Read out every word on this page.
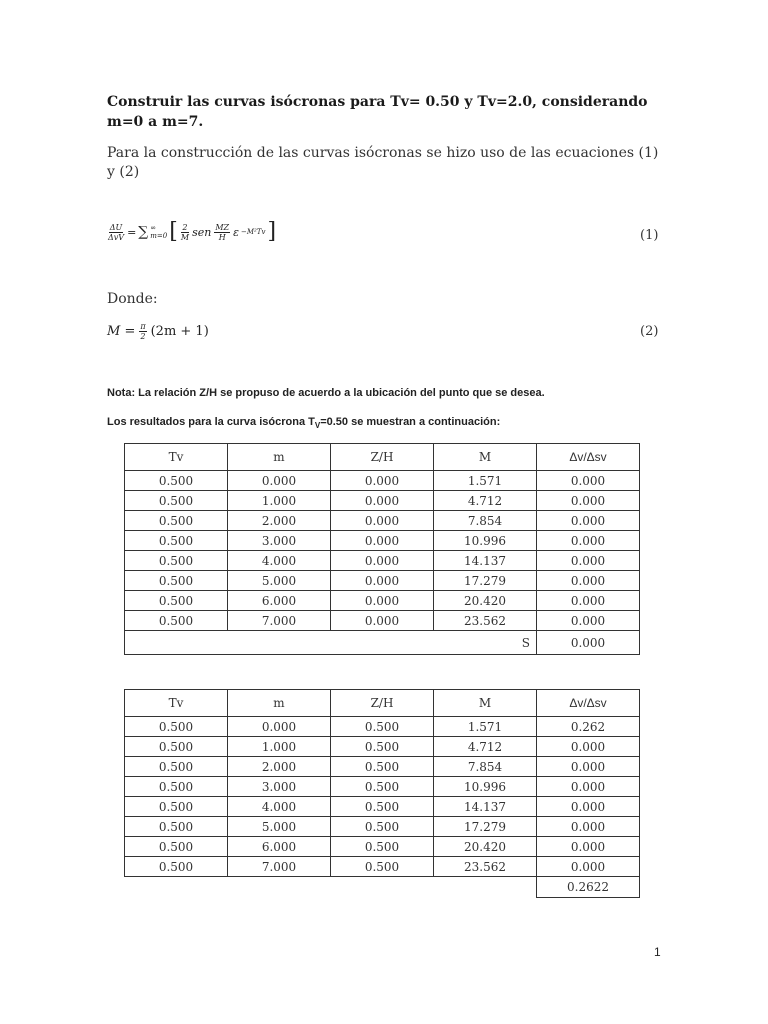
Construir las curvas isócronas para Tv= 0.50 y Tv=2.0, considerando m=0 a m=7.
Para la construcción de las curvas isócronas se hizo uso de las ecuaciones (1) y (2)
$\frac{\Delta U}{\text{ΔvV}}$ = ∑ ∞
m=0 [ $\frac{2}{M}$ sen $\frac{MZ}{H}$ ε −M²Tv ]	(1)
Donde:
$M = \frac{\pi}{2} (2m + 1)$	(2)
Nota: La relación Z/H se propuso de acuerdo a la ubicación del punto que se desea.
Los resultados para la curva isócrona $T_V=0.50$ se muestran a continuación:
Tv	m	Z/H	M	Δv/Δsv
0.500	0.000	0.000	1.571	0.000
0.500	1.000	0.000	4.712	0.000
0.500	2.000	0.000	7.854	0.000
0.500	3.000	0.000	10.996	0.000
0.500	4.000	0.000	14.137	0.000
0.500	5.000	0.000	17.279	0.000
0.500	6.000	0.000	20.420	0.000
0.500	7.000	0.000	23.562	0.000
S				0.000
Tv	m	Z/H	M	Δv/Δsv
0.500	0.000	0.500	1.571	0.262
0.500	1.000	0.500	4.712	0.000
0.500	2.000	0.500	7.854	0.000
0.500	3.000	0.500	10.996	0.000
0.500	4.000	0.500	14.137	0.000
0.500	5.000	0.500	17.279	0.000
0.500	6.000	0.500	20.420	0.000
0.500	7.000	0.500	23.562	0.000
				0.2622
1
